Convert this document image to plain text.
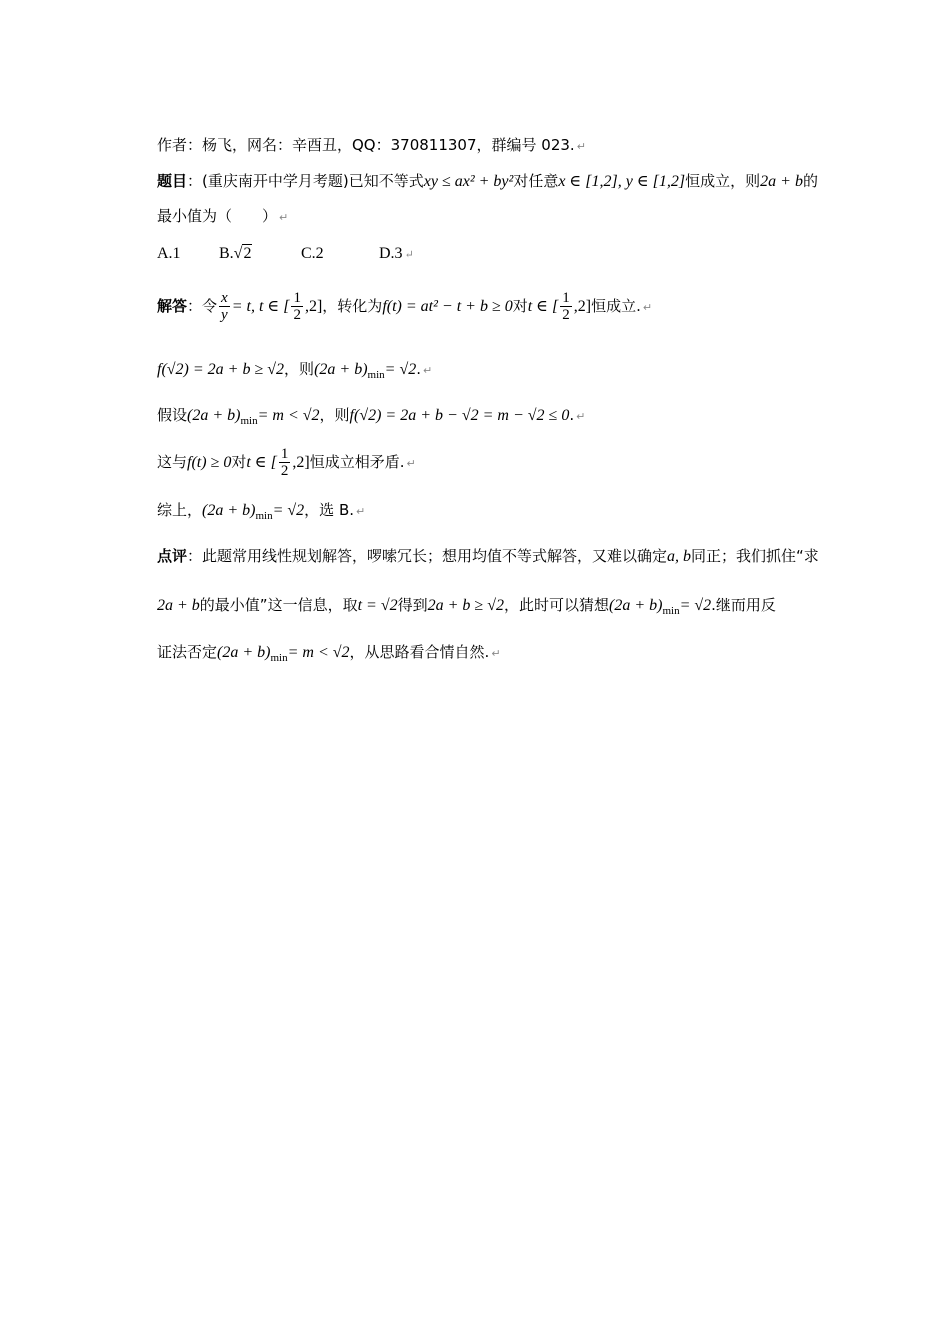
作者：杨飞，网名：辛酉丑，QQ：370811307，群编号 023. ↵
题目：(重庆南开中学月考题)已知不等式xy ≤ ax² + by²对任意x ∈ [1,2], y ∈ [1,2]恒成立，则2a + b的
最小值为（　　） ↵
A.1 B.√2	C.2	D.3 ↵
解答：令 $\frac{x}{y} = t$, t ∈ [ $\frac{1}{2} ,2$]，转化为f(t) = at² − t + b ≥ 0对t ∈ [ $\frac{1}{2} ,2$]恒成立. ↵
f(√2) = 2a + b ≥ √2，则$(2a + b)_{min}= √2$. ↵
假设$(2a + b)_{min}= m < √2$，则f(√2) = 2a + b − √2 = m − √2 ≤ 0. ↵
这与f(t) ≥ 0对t ∈ [ $\frac{1}{2} ,2$]恒成立相矛盾. ↵
综上，$(2a + b)_{min}= √2$，选 B. ↵
点评：此题常用线性规划解答，啰嗦冗长；想用均值不等式解答，又难以确定a, b同正；我们抓住“求
2a + b的最小值”这一信息，取t = √2得到2a + b ≥ √2，此时可以猜想$(2a + b)_{min}= √2$.继而用反
证法否定$(2a + b)_{min}= m < √2$，从思路看合情自然. ↵
